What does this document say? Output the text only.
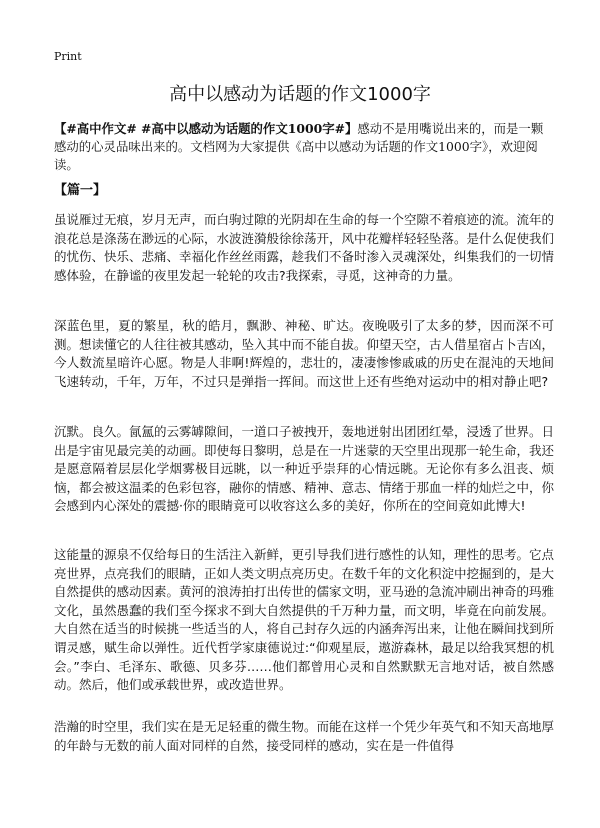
Print
高中以感动为话题的作文1000字

【#高中作文# #高中以感动为话题的作文1000字#】感动不是用嘴说出来的，而是一颗感动的心灵品味出来的。文档网为大家提供《高中以感动为话题的作文1000字》，欢迎阅读。

【篇一】

虽说雁过无痕，岁月无声，而白驹过隙的光阴却在生命的每一个空隙不着痕迹的流。流年的浪花总是涤荡在渺远的心际，水波涟漪般徐徐荡开，风中花瓣样轻轻坠落。是什么促使我们的忧伤、快乐、悲痛、幸福化作丝丝雨露，趁我们不备时渗入灵魂深处，纠集我们的一切情感体验，在静谧的夜里发起一轮轮的攻击?我探索，寻觅，这神奇的力量。

深蓝色里，夏的繁星，秋的皓月，飘渺、神秘、旷达。夜晚吸引了太多的梦，因而深不可测。想读懂它的人往往被其感动，坠入其中而不能自拔。仰望天空，古人借星宿占卜吉凶，今人数流星暗许心愿。物是人非啊!辉煌的，悲壮的，凄凄惨惨戚戚的历史在混沌的天地间飞速转动，千年，万年，不过只是弹指一挥间。而这世上还有些绝对运动中的相对静止吧?

沉默。良久。氤氲的云雾罅隙间，一道口子被拽开，轰地迸射出团团红晕，浸透了世界。日出是宇宙见最完美的动画。即使每日黎明，总是在一片迷蒙的天空里出现那一轮生命，我还是愿意隔着层层化学烟雾极目远眺，以一种近乎崇拜的心情远眺。无论你有多么沮丧、烦恼，都会被这温柔的色彩包容，融你的情感、精神、意志、情绪于那血一样的灿烂之中，你会感到内心深处的震撼·你的眼睛竟可以收容这么多的美好，你所在的空间竟如此博大!

这能量的源泉不仅给每日的生活注入新鲜，更引导我们进行感性的认知，理性的思考。它点亮世界，点亮我们的眼睛，正如人类文明点亮历史。在数千年的文化积淀中挖掘到的，是大自然提供的感动因素。黄河的浪涛拍打出传世的儒家文明，亚马逊的急流冲刷出神奇的玛雅文化，虽然愚蠢的我们至今探求不到大自然提供的千万种力量，而文明，毕竟在向前发展。大自然在适当的时候挑一些适当的人，将自己封存久远的内涵奔泻出来，让他在瞬间找到所谓灵感，赋生命以弹性。近代哲学家康德说过:“仰观星辰，遨游森林，最足以给我冥想的机会。”李白、毛泽东、歌德、贝多芬……他们都曾用心灵和自然默默无言地对话，被自然感动。然后，他们或承载世界，或改造世界。

浩瀚的时空里，我们实在是无足轻重的微生物。而能在这样一个凭少年英气和不知天高地厚的年龄与无数的前人面对同样的自然，接受同样的感动，实在是一件值得
